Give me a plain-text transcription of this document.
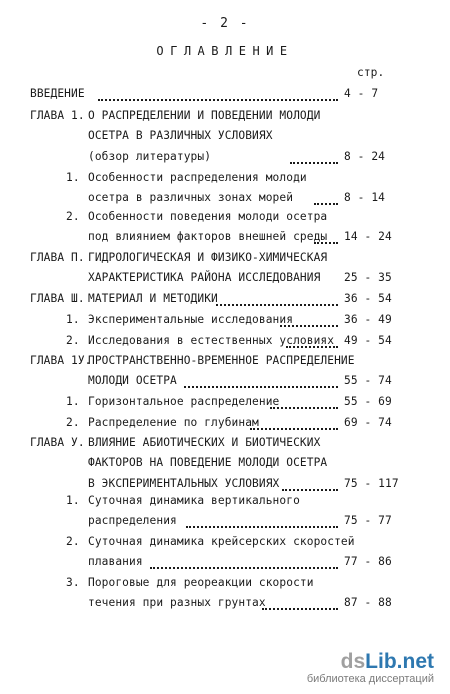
- 2 -
ОГЛАВЛЕНИЕ
стр.
ВВЕДЕНИЕ	4 - 7
ГЛАВА 1. О РАСПРЕДЕЛЕНИИ И ПОВЕДЕНИИ МОЛОДИ
ОСЕТРА В РАЗЛИЧНЫХ УСЛОВИЯХ
(обзор литературы)	8 - 24
1. Особенности распределения молоди
осетра в различных зонах морей	8 - 14
2. Особенности поведения молоди осетра
под влиянием факторов внешней среды 14 - 24
ГЛАВА П. ГИДРОЛОГИЧЕСКАЯ И ФИЗИКО-ХИМИЧЕСКАЯ
ХАРАКТЕРИСТИКА РАЙОНА ИССЛЕДОВАНИЯ 25 - 35
ГЛАВА Ш. МАТЕРИАЛ И МЕТОДИКИ	36 - 54
1. Экспериментальные исследования	36 - 49
2. Исследования в естественных условиях 49 - 54
ГЛАВА 1У.
ПРОСТРАНСТВЕННО-ВРЕМЕННОЕ РАСПРЕДЕЛЕНИЕ
МОЛОДИ ОСЕТРА	55 - 74
1. Горизонтальное распределение	55 - 69
2. Распределение по глубинам	69 - 74
ГЛАВА У. ВЛИЯНИЕ АБИОТИЧЕСКИХ И БИОТИЧЕСКИХ
ФАКТОРОВ НА ПОВЕДЕНИЕ МОЛОДИ ОСЕТРА
В ЭКСПЕРИМЕНТАЛЬНЫХ УСЛОВИЯХ	75 - 117
1. Суточная динамика вертикального
распределения	75 - 77
2. Суточная динамика крейсерских скоростей
плавания	77 - 86
3. Пороговые для реореакции скорости
течения при разных грунтах	87 - 88
dsLib.net
библиотека диссертаций
